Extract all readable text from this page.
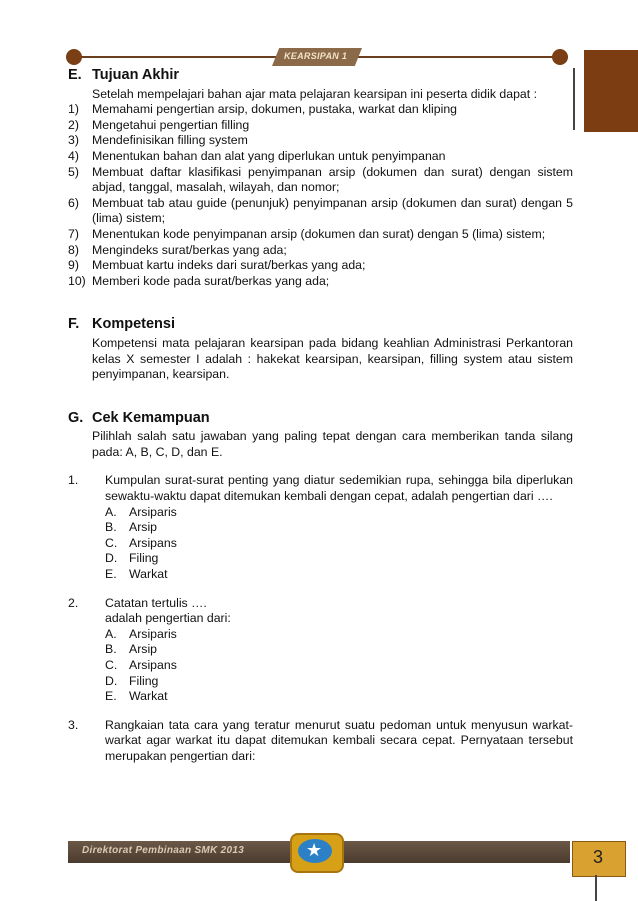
KEARSIPAN 1
E. Tujuan Akhir
Setelah mempelajari bahan ajar mata pelajaran kearsipan ini peserta didik dapat :
1) Memahami pengertian arsip, dokumen, pustaka, warkat dan kliping
2) Mengetahui pengertian filling
3) Mendefinisikan filling system
4) Menentukan bahan dan alat yang diperlukan untuk penyimpanan
5) Membuat daftar klasifikasi penyimpanan arsip (dokumen dan surat) dengan sistem abjad, tanggal, masalah, wilayah, dan nomor;
6) Membuat tab atau guide (penunjuk) penyimpanan arsip (dokumen dan surat) dengan 5 (lima) sistem;
7) Menentukan kode penyimpanan arsip (dokumen dan surat) dengan 5 (lima) sistem;
8) Mengindeks surat/berkas yang ada;
9) Membuat kartu indeks dari surat/berkas yang ada;
10) Memberi kode pada surat/berkas yang ada;
F. Kompetensi
Kompetensi mata pelajaran kearsipan pada bidang keahlian Administrasi Perkantoran kelas X semester I adalah : hakekat kearsipan, kearsipan, filling system atau sistem penyimpanan, kearsipan.
G. Cek Kemampuan
Pilihlah salah satu jawaban yang paling tepat dengan cara memberikan tanda silang pada: A, B, C, D, dan E.
1. Kumpulan surat-surat penting yang diatur sedemikian rupa, sehingga bila diperlukan sewaktu-waktu dapat ditemukan kembali dengan cepat, adalah pengertian dari ….
A. Arsiparis
B. Arsip
C. Arsipans
D. Filing
E. Warkat
2. Catatan tertulis ….
adalah pengertian dari:
A. Arsiparis
B. Arsip
C. Arsipans
D. Filing
E. Warkat
3. Rangkaian tata cara yang teratur menurut suatu pedoman untuk menyusun warkat-warkat agar warkat itu dapat ditemukan kembali secara cepat. Pernyataan tersebut merupakan pengertian dari:
Direktorat Pembinaan SMK 2013	★	3
